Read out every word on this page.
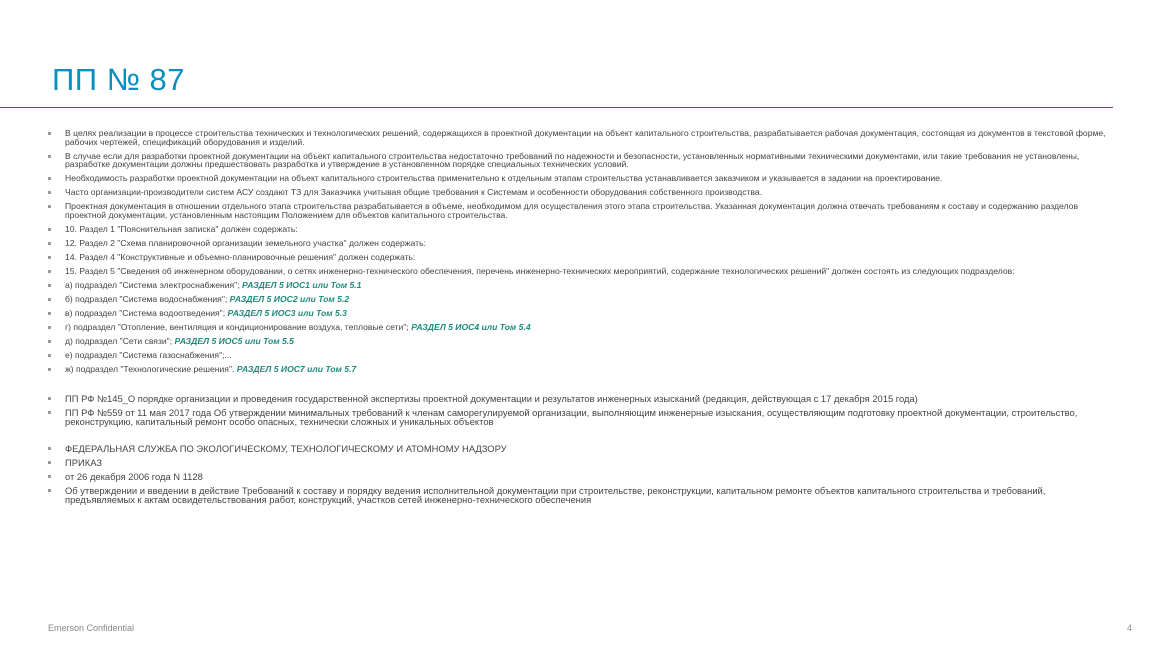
ПП № 87
В целях реализации в процессе строительства технических и технологических решений, содержащихся в проектной документации на объект капитального строительства, разрабатывается рабочая документация, состоящая из документов в текстовой форме, рабочих чертежей, спецификаций оборудования и изделий.
В случае если для разработки проектной документации на объект капитального строительства недостаточно требований по надежности и безопасности, установленных нормативными техническими документами, или такие требования не установлены, разработке документации должны предшествовать разработка и утверждение в установленном порядке специальных технических условий.
Необходимость разработки проектной документации на объект капитального строительства применительно к отдельным этапам строительства устанавливается заказчиком и указывается в задании на проектирование.
Часто организации-производители систем АСУ создают ТЗ для Заказчика учитывая общие требования к Системам и особенности оборудования собственного производства.
Проектная документация в отношении отдельного этапа строительства разрабатывается в объеме, необходимом для осуществления этого этапа строительства. Указанная документация должна отвечать требованиям к составу и содержанию разделов проектной документации, установленным настоящим Положением для объектов капитального строительства.
10. Раздел 1 "Пояснительная записка" должен содержать:
12. Раздел 2 "Схема планировочной организации земельного участка" должен содержать:
14. Раздел 4 "Конструктивные и объемно-планировочные решения" должен содержать:
15. Раздел 5 "Сведения об инженерном оборудовании, о сетях инженерно-технического обеспечения, перечень инженерно-технических мероприятий, содержание технологических решений" должен состоять из следующих подразделов:
а) подраздел "Система электроснабжения"; РАЗДЕЛ 5 ИОС1 или Том 5.1
б) подраздел "Система водоснабжения"; РАЗДЕЛ 5 ИОС2 или Том 5.2
в) подраздел "Система водоотведения"; РАЗДЕЛ 5 ИОС3 или Том 5.3
г) подраздел "Отопление, вентиляция и кондиционирование воздуха, тепловые сети"; РАЗДЕЛ 5 ИОС4 или Том 5.4
д) подраздел "Сети связи"; РАЗДЕЛ 5 ИОС5 или Том 5.5
е) подраздел "Система газоснабжения";...
ж) подраздел "Технологические решения". РАЗДЕЛ 5 ИОС7 или Том 5.7
ПП РФ №145_О порядке организации и проведения государственной экспертизы проектной документации и результатов инженерных изысканий (редакция, действующая с 17 декабря 2015 года)
ПП РФ №559 от 11 мая 2017 года Об утверждении минимальных требований к членам саморегулируемой организации, выполняющим инженерные изыскания, осуществляющим подготовку проектной документации, строительство, реконструкцию, капитальный ремонт особо опасных, технически сложных и уникальных объектов
ФЕДЕРАЛЬНАЯ СЛУЖБА ПО ЭКОЛОГИЧЕСКОМУ, ТЕХНОЛОГИЧЕСКОМУ И АТОМНОМУ НАДЗОРУ
ПРИКАЗ
от 26 декабря 2006 года N 1128
Об утверждении и введении в действие Требований к составу и порядку ведения исполнительной документации при строительстве, реконструкции, капитальном ремонте объектов капитального строительства и требований, предъявляемых к актам освидетельствования работ, конструкций, участков сетей инженерно-технического обеспечения
Emerson Confidential	4
